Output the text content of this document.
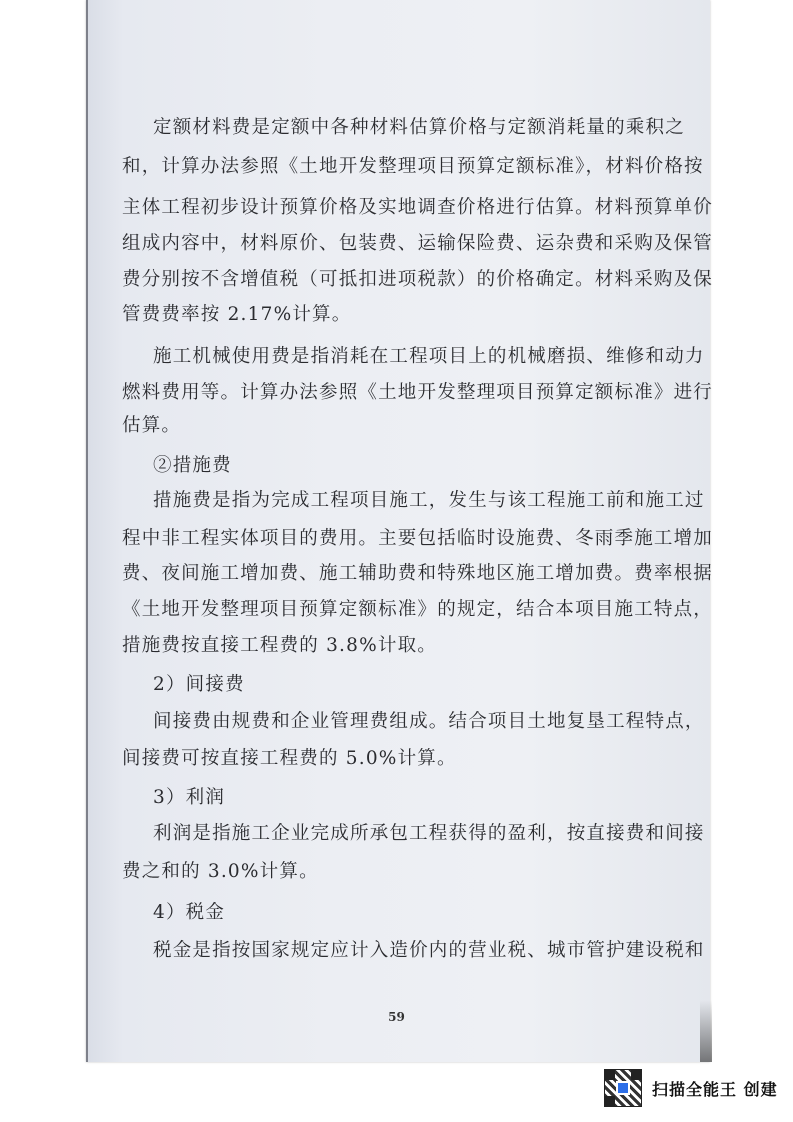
定额材料费是定额中各种材料估算价格与定额消耗量的乘积之
和，计算办法参照《土地开发整理项目预算定额标准》，材料价格按
主体工程初步设计预算价格及实地调查价格进行估算。材料预算单价
组成内容中，材料原价、包装费、运输保险费、运杂费和采购及保管
费分别按不含增值税（可抵扣进项税款）的价格确定。材料采购及保
管费费率按 2.17%计算。
施工机械使用费是指消耗在工程项目上的机械磨损、维修和动力
燃料费用等。计算办法参照《土地开发整理项目预算定额标准》进行
估算。
②措施费
措施费是指为完成工程项目施工，发生与该工程施工前和施工过
程中非工程实体项目的费用。主要包括临时设施费、冬雨季施工增加
费、夜间施工增加费、施工辅助费和特殊地区施工增加费。费率根据
《土地开发整理项目预算定额标准》的规定，结合本项目施工特点，
措施费按直接工程费的 3.8%计取。
2）间接费
间接费由规费和企业管理费组成。结合项目土地复垦工程特点，
间接费可按直接工程费的 5.0%计算。
3）利润
利润是指施工企业完成所承包工程获得的盈利，按直接费和间接
费之和的 3.0%计算。
4）税金
税金是指按国家规定应计入造价内的营业税、城市管护建设税和
59
扫描全能王 创建
